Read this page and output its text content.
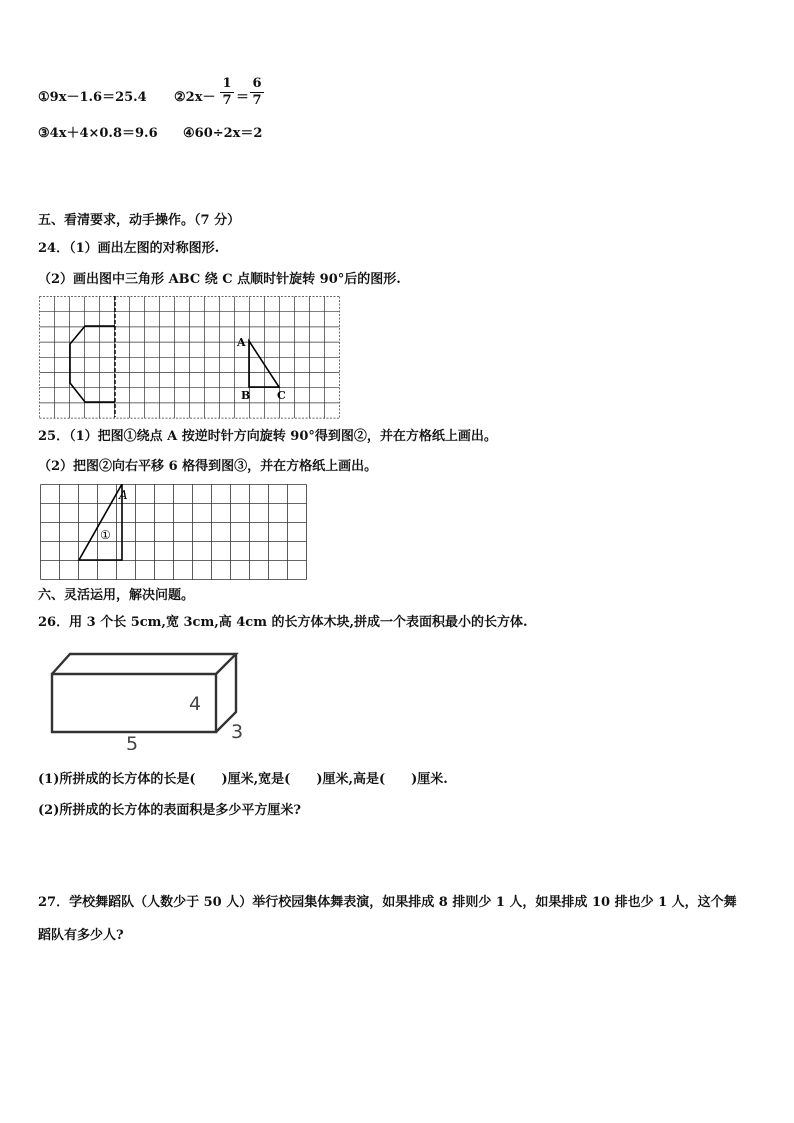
①9x－1.6＝25.4 ②2x－
1
7 ＝
6
7
③4x＋4×0.8＝9.6 ④60÷2x＝2
五、看清要求，动手操作。（7 分）
24．（1）画出左图的对称图形.
（2）画出图中三角形 ABC 绕 C 点顺时针旋转 90°后的图形.
A
B C
25．（1）把图①绕点 A 按逆时针方向旋转 90°得到图②，并在方格纸上画出。
（2）把图②向右平移 6 格得到图③，并在方格纸上画出。
A
①
六、灵活运用，解决问题。
26．用 3 个长 5cm,宽 3cm,高 4cm 的长方体木块,拼成一个表面积最小的长方体.
4
3
5
(1)所拼成的长方体的长是(　　)厘米,宽是(　　)厘米,高是(　　)厘米.
(2)所拼成的长方体的表面积是多少平方厘米?
27．学校舞蹈队（人数少于 50 人）举行校园集体舞表演，如果排成 8 排则少 1 人，如果排成 10 排也少 1 人，这个舞
蹈队有多少人?
